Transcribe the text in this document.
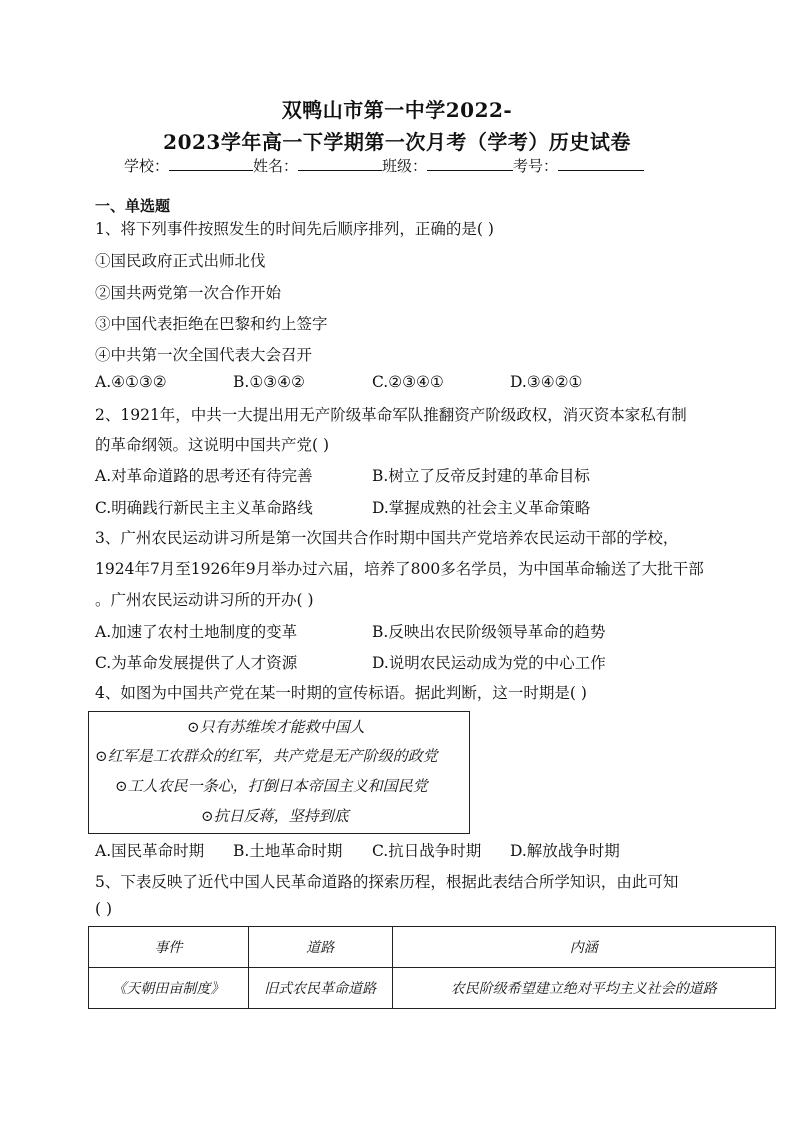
双鸭山市第一中学2022-
2023学年高一下学期第一次月考（学考）历史试卷
学校：	姓名：	班级：	考号：
一、单选题
1、将下列事件按照发生的时间先后顺序排列，正确的是( )
①国民政府正式出师北伐
②国共两党第一次合作开始
③中国代表拒绝在巴黎和约上签字
④中共第一次全国代表大会召开
A.④①③②	B.①③④②	C.②③④①	D.③④②①
2、1921年，中共一大提出用无产阶级革命军队推翻资产阶级政权，消灭资本家私有制
的革命纲领。这说明中国共产党( )
A.对革命道路的思考还有待完善	B.树立了反帝反封建的革命目标
C.明确践行新民主主义革命路线	D.掌握成熟的社会主义革命策略
3、广州农民运动讲习所是第一次国共合作时期中国共产党培养农民运动干部的学校，
1924年7月至1926年9月举办过六届，培养了800多名学员，为中国革命输送了大批干部
。广州农民运动讲习所的开办( )
A.加速了农村土地制度的变革	B.反映出农民阶级领导革命的趋势
C.为革命发展提供了人才资源	D.说明农民运动成为党的中心工作
4、如图为中国共产党在某一时期的宣传标语。据此判断，这一时期是( )
⊙只有苏维埃才能救中国人
⊙红军是工农群众的红军，共产党是无产阶级的政党
⊙工人农民一条心，打倒日本帝国主义和国民党
⊙抗日反蒋，坚持到底
A.国民革命时期 B.土地革命时期 C.抗日战争时期 D.解放战争时期
5、下表反映了近代中国人民革命道路的探索历程，根据此表结合所学知识，由此可知
( )
事件	道路	内涵
《天朝田亩制度》	旧式农民革命道路	农民阶级希望建立绝对平均主义社会的道路
